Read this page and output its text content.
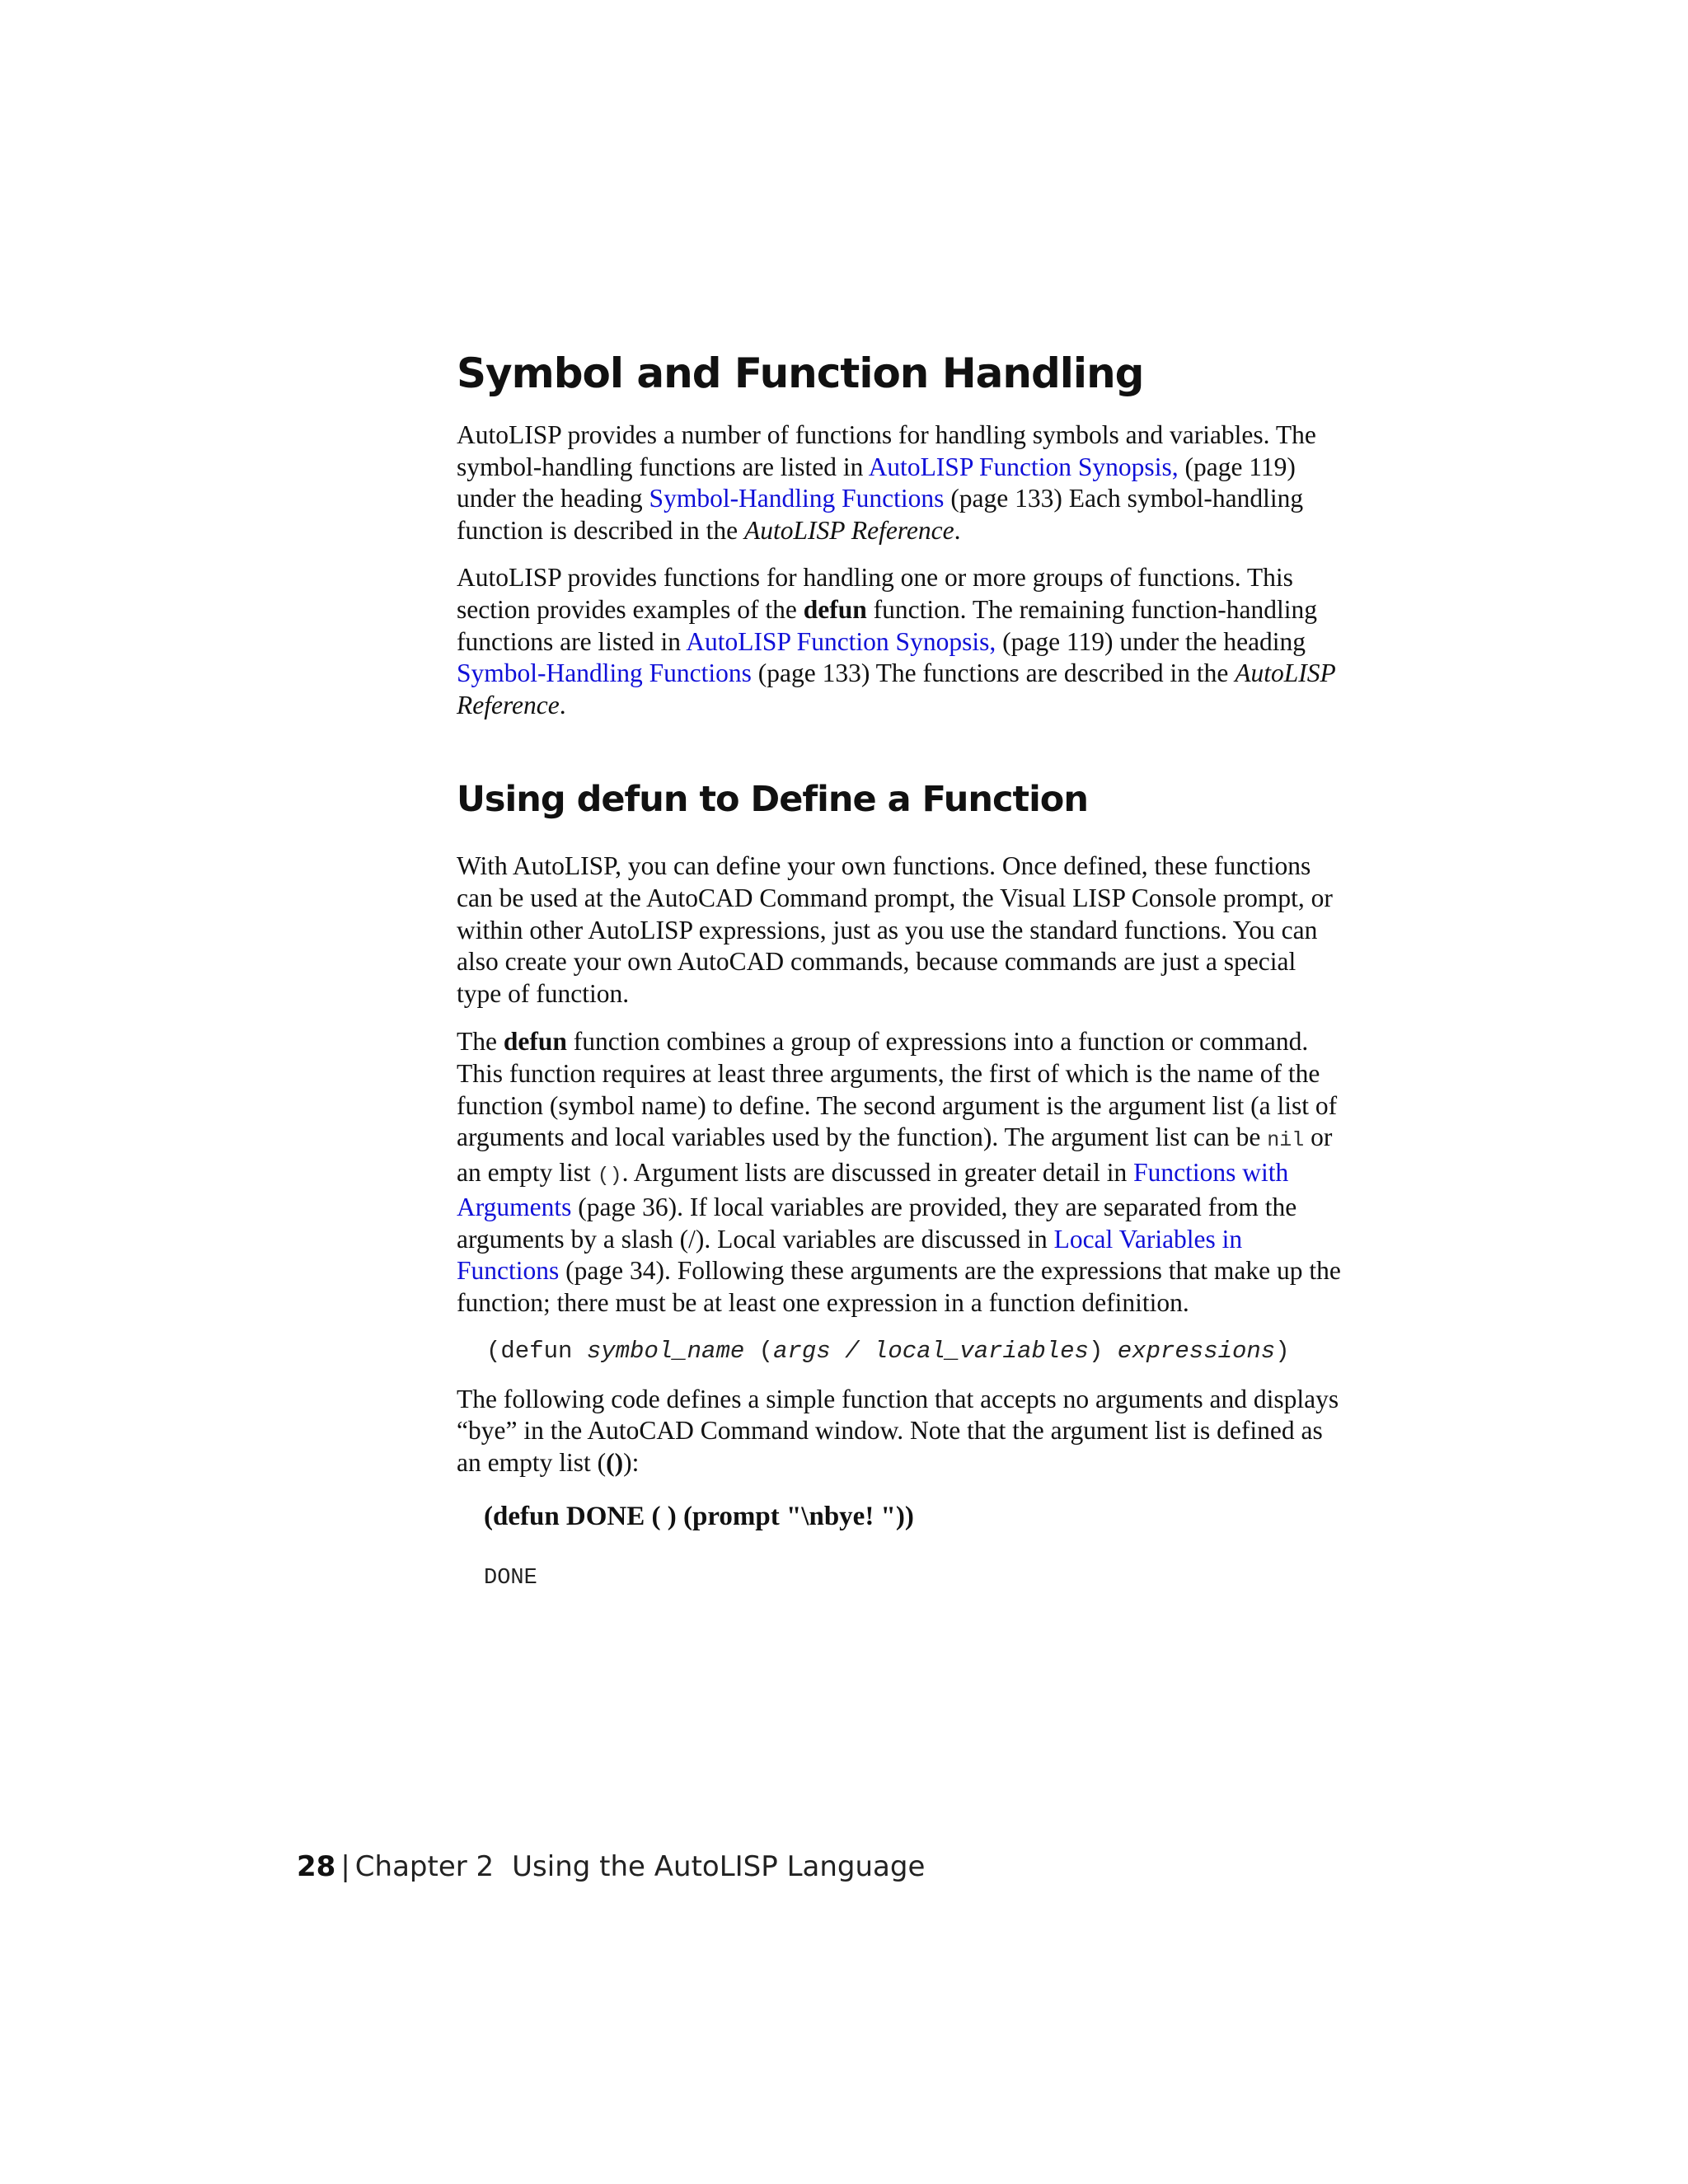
Symbol and Function Handling

AutoLISP provides a number of functions for handling symbols and variables. The symbol-handling functions are listed in AutoLISP Function Synopsis, (page 119) under the heading Symbol-Handling Functions (page 133) Each symbol-handling function is described in the AutoLISP Reference.

AutoLISP provides functions for handling one or more groups of functions. This section provides examples of the defun function. The remaining function-handling functions are listed in AutoLISP Function Synopsis, (page 119) under the heading Symbol-Handling Functions (page 133) The functions are described in the AutoLISP Reference.

Using defun to Define a Function

With AutoLISP, you can define your own functions. Once defined, these functions can be used at the AutoCAD Command prompt, the Visual LISP Console prompt, or within other AutoLISP expressions, just as you use the standard functions. You can also create your own AutoCAD commands, because commands are just a special type of function.

The defun function combines a group of expressions into a function or command. This function requires at least three arguments, the first of which is the name of the function (symbol name) to define. The second argument is the argument list (a list of arguments and local variables used by the function). The argument list can be nil or an empty list (). Argument lists are discussed in greater detail in Functions with Arguments (page 36). If local variables are provided, they are separated from the arguments by a slash (/). Local variables are discussed in Local Variables in Functions (page 34). Following these arguments are the expressions that make up the function; there must be at least one expression in a function definition.

(defun symbol_name (args / local_variables) expressions)

The following code defines a simple function that accepts no arguments and displays “bye” in the AutoCAD Command window. Note that the argument list is defined as an empty list (()):

(defun DONE ( ) (prompt "\nbye! "))

DONE

28 | Chapter 2 Using the AutoLISP Language
